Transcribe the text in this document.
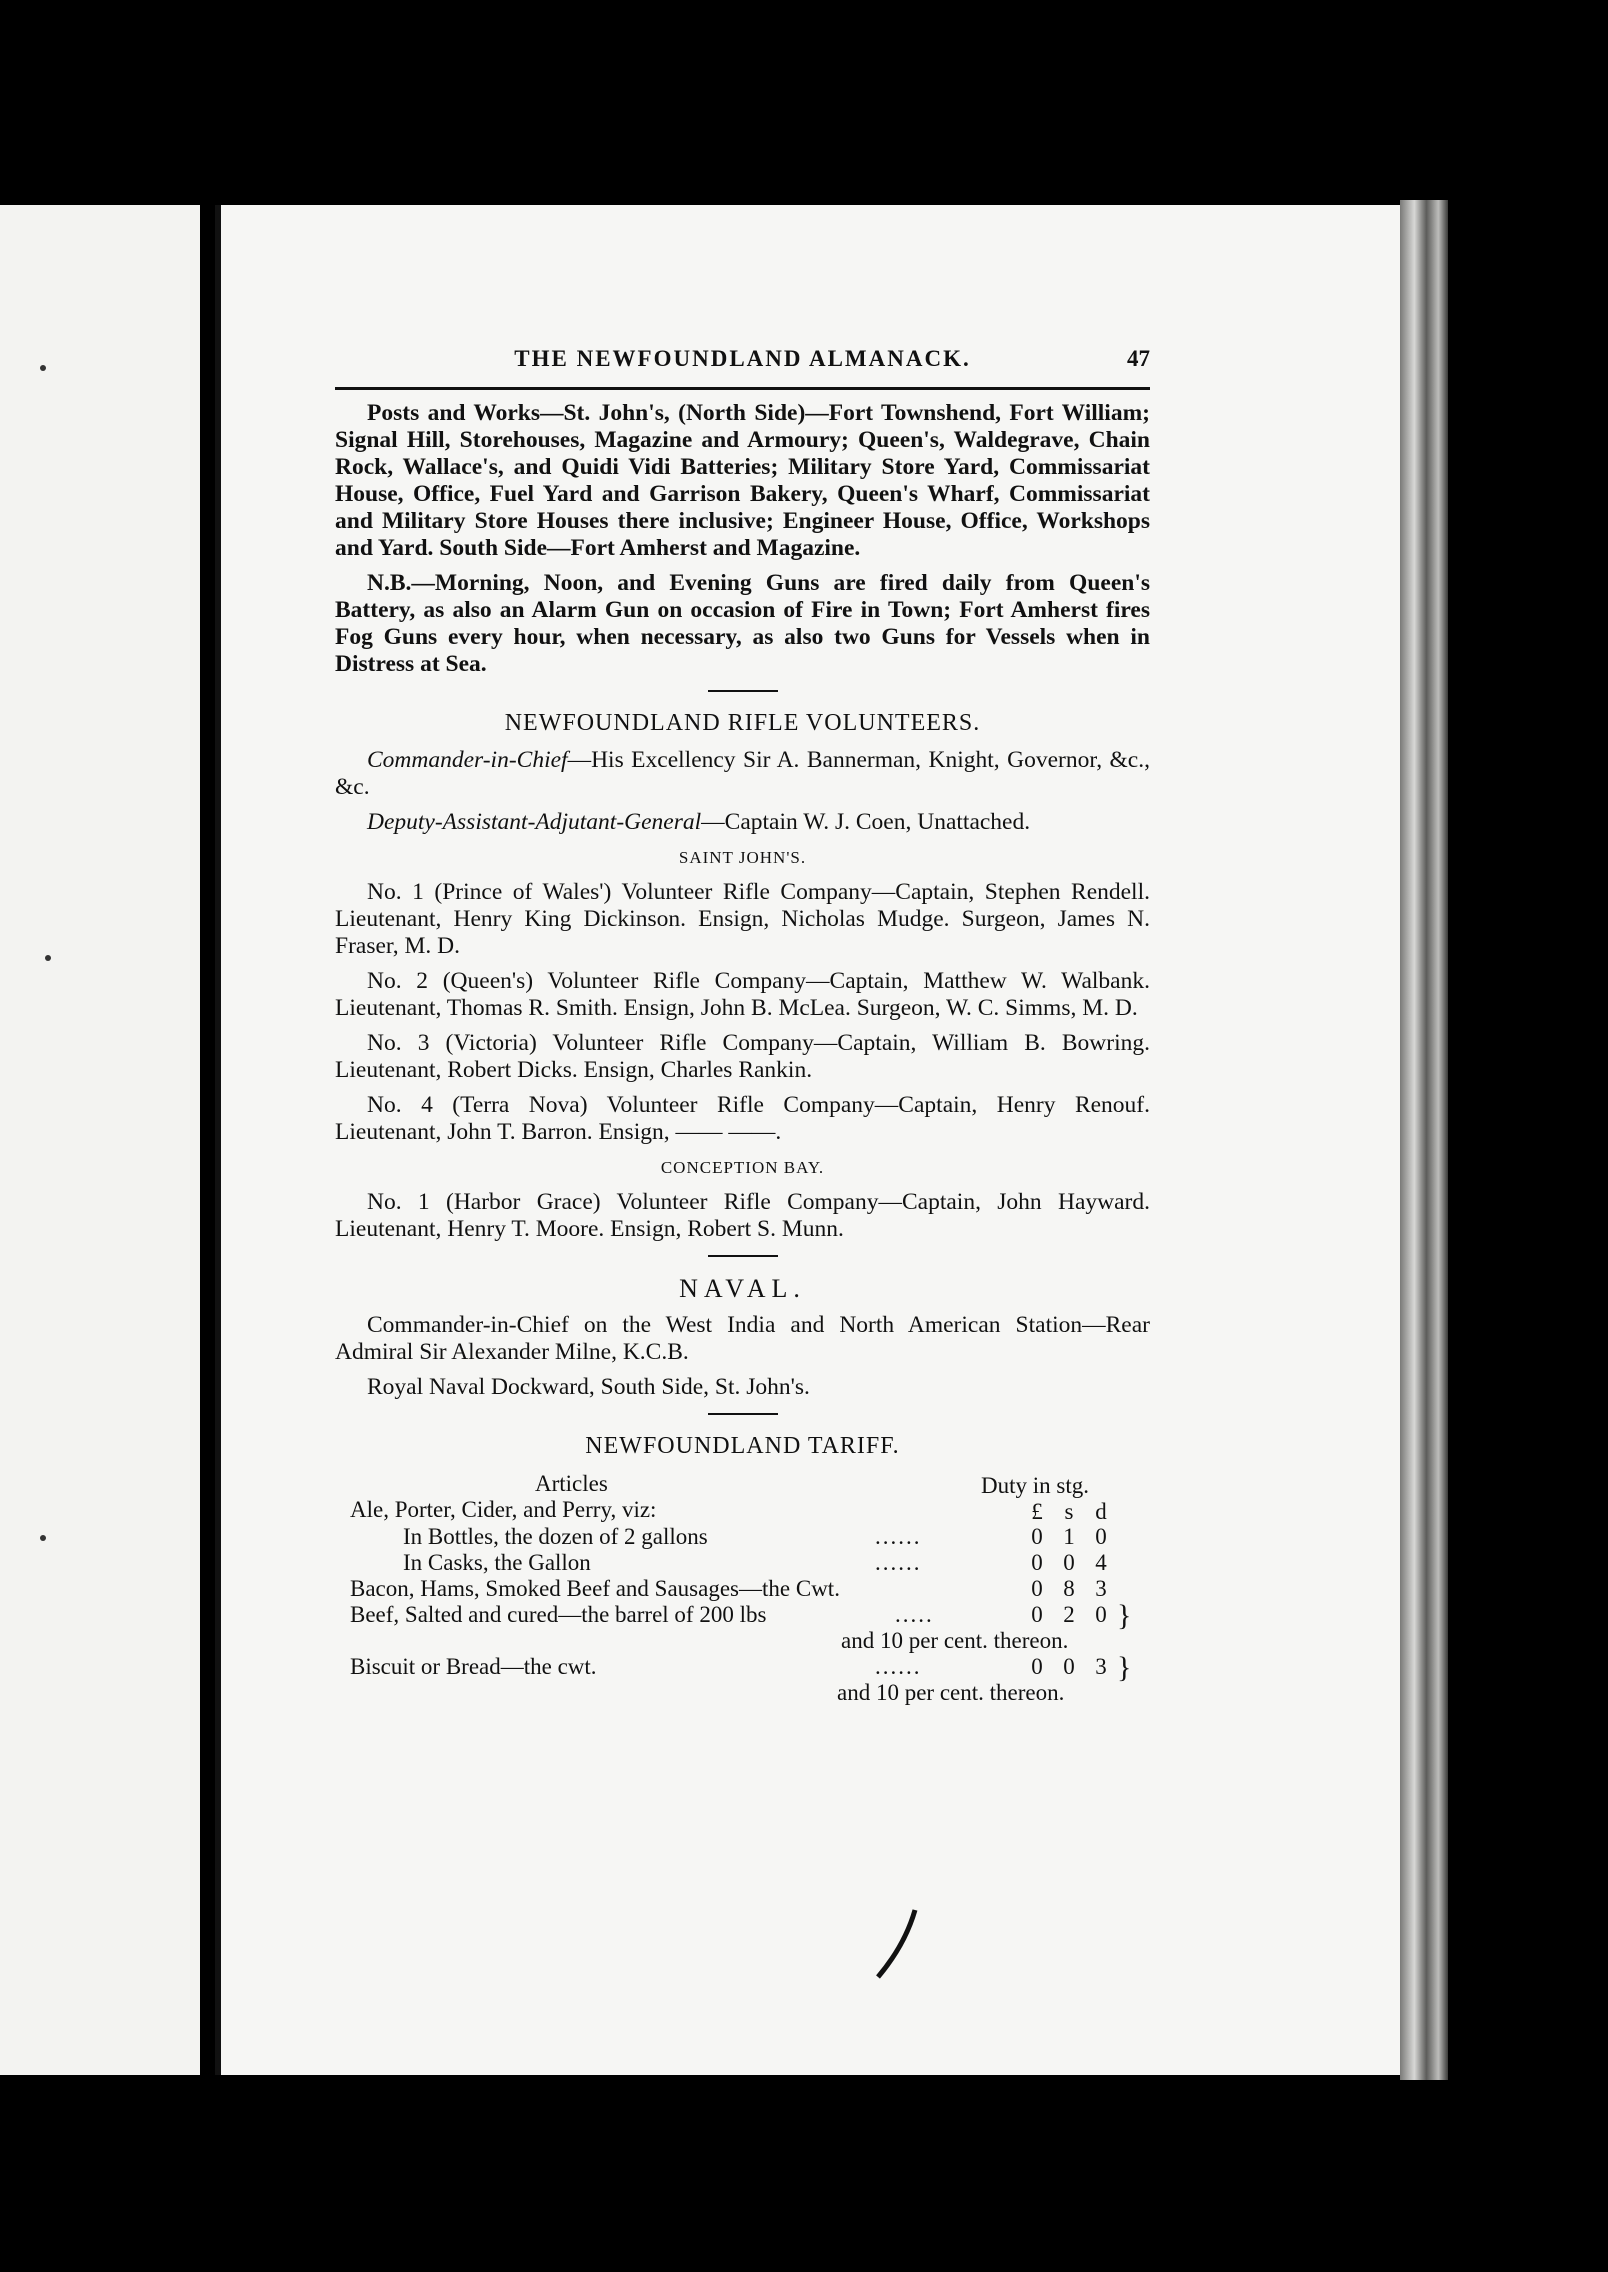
THE NEWFOUNDLAND ALMANACK.	47

Posts and Works—St. John's, (North Side)—Fort Townshend, Fort William; Signal Hill, Storehouses, Magazine and Armoury; Queen's, Waldegrave, Chain Rock, Wallace's, and Quidi Vidi Batteries; Military Store Yard, Commissariat House, Office, Fuel Yard and Garrison Bakery, Queen's Wharf, Commissariat and Military Store Houses there inclusive; Engineer House, Office, Workshops and Yard. South Side—Fort Amherst and Magazine.

N.B.—Morning, Noon, and Evening Guns are fired daily from Queen's Battery, as also an Alarm Gun on occasion of Fire in Town; Fort Amherst fires Fog Guns every hour, when necessary, as also two Guns for Vessels when in Distress at Sea.

NEWFOUNDLAND RIFLE VOLUNTEERS.

Commander-in-Chief—His Excellency Sir A. Bannerman, Knight, Governor, &c., &c.

Deputy-Assistant-Adjutant-General—Captain W. J. Coen, Unattached.

SAINT JOHN'S.

No. 1 (Prince of Wales') Volunteer Rifle Company—Captain, Stephen Rendell. Lieutenant, Henry King Dickinson. Ensign, Nicholas Mudge. Surgeon, James N. Fraser, M. D.

No. 2 (Queen's) Volunteer Rifle Company—Captain, Matthew W. Walbank. Lieutenant, Thomas R. Smith. Ensign, John B. McLea. Surgeon, W. C. Simms, M. D.

No. 3 (Victoria) Volunteer Rifle Company—Captain, William B. Bowring. Lieutenant, Robert Dicks. Ensign, Charles Rankin.

No. 4 (Terra Nova) Volunteer Rifle Company—Captain, Henry Renouf. Lieutenant, John T. Barron. Ensign, —— ——.

CONCEPTION BAY.

No. 1 (Harbor Grace) Volunteer Rifle Company—Captain, John Hayward. Lieutenant, Henry T. Moore. Ensign, Robert S. Munn.

NAVAL.

Commander-in-Chief on the West India and North American Station—Rear Admiral Sir Alexander Milne, K.C.B.

Royal Naval Dockward, South Side, St. John's.

NEWFOUNDLAND TARIFF.
Articles	Duty in stg.
£ s d
Ale, Porter, Cider, and Perry, viz:
In Bottles, the dozen of 2 gallons	......	0 1 0
In Casks, the Gallon	......	0 0 4
Bacon, Hams, Smoked Beef and Sausages—the Cwt.	0 8 3
Beef, Salted and cured—the barrel of 200 lbs	.....	0 2 0
and 10 per cent. thereon.
}
Biscuit or Bread—the cwt.	......	0 0 3
and 10 per cent. thereon.
}
